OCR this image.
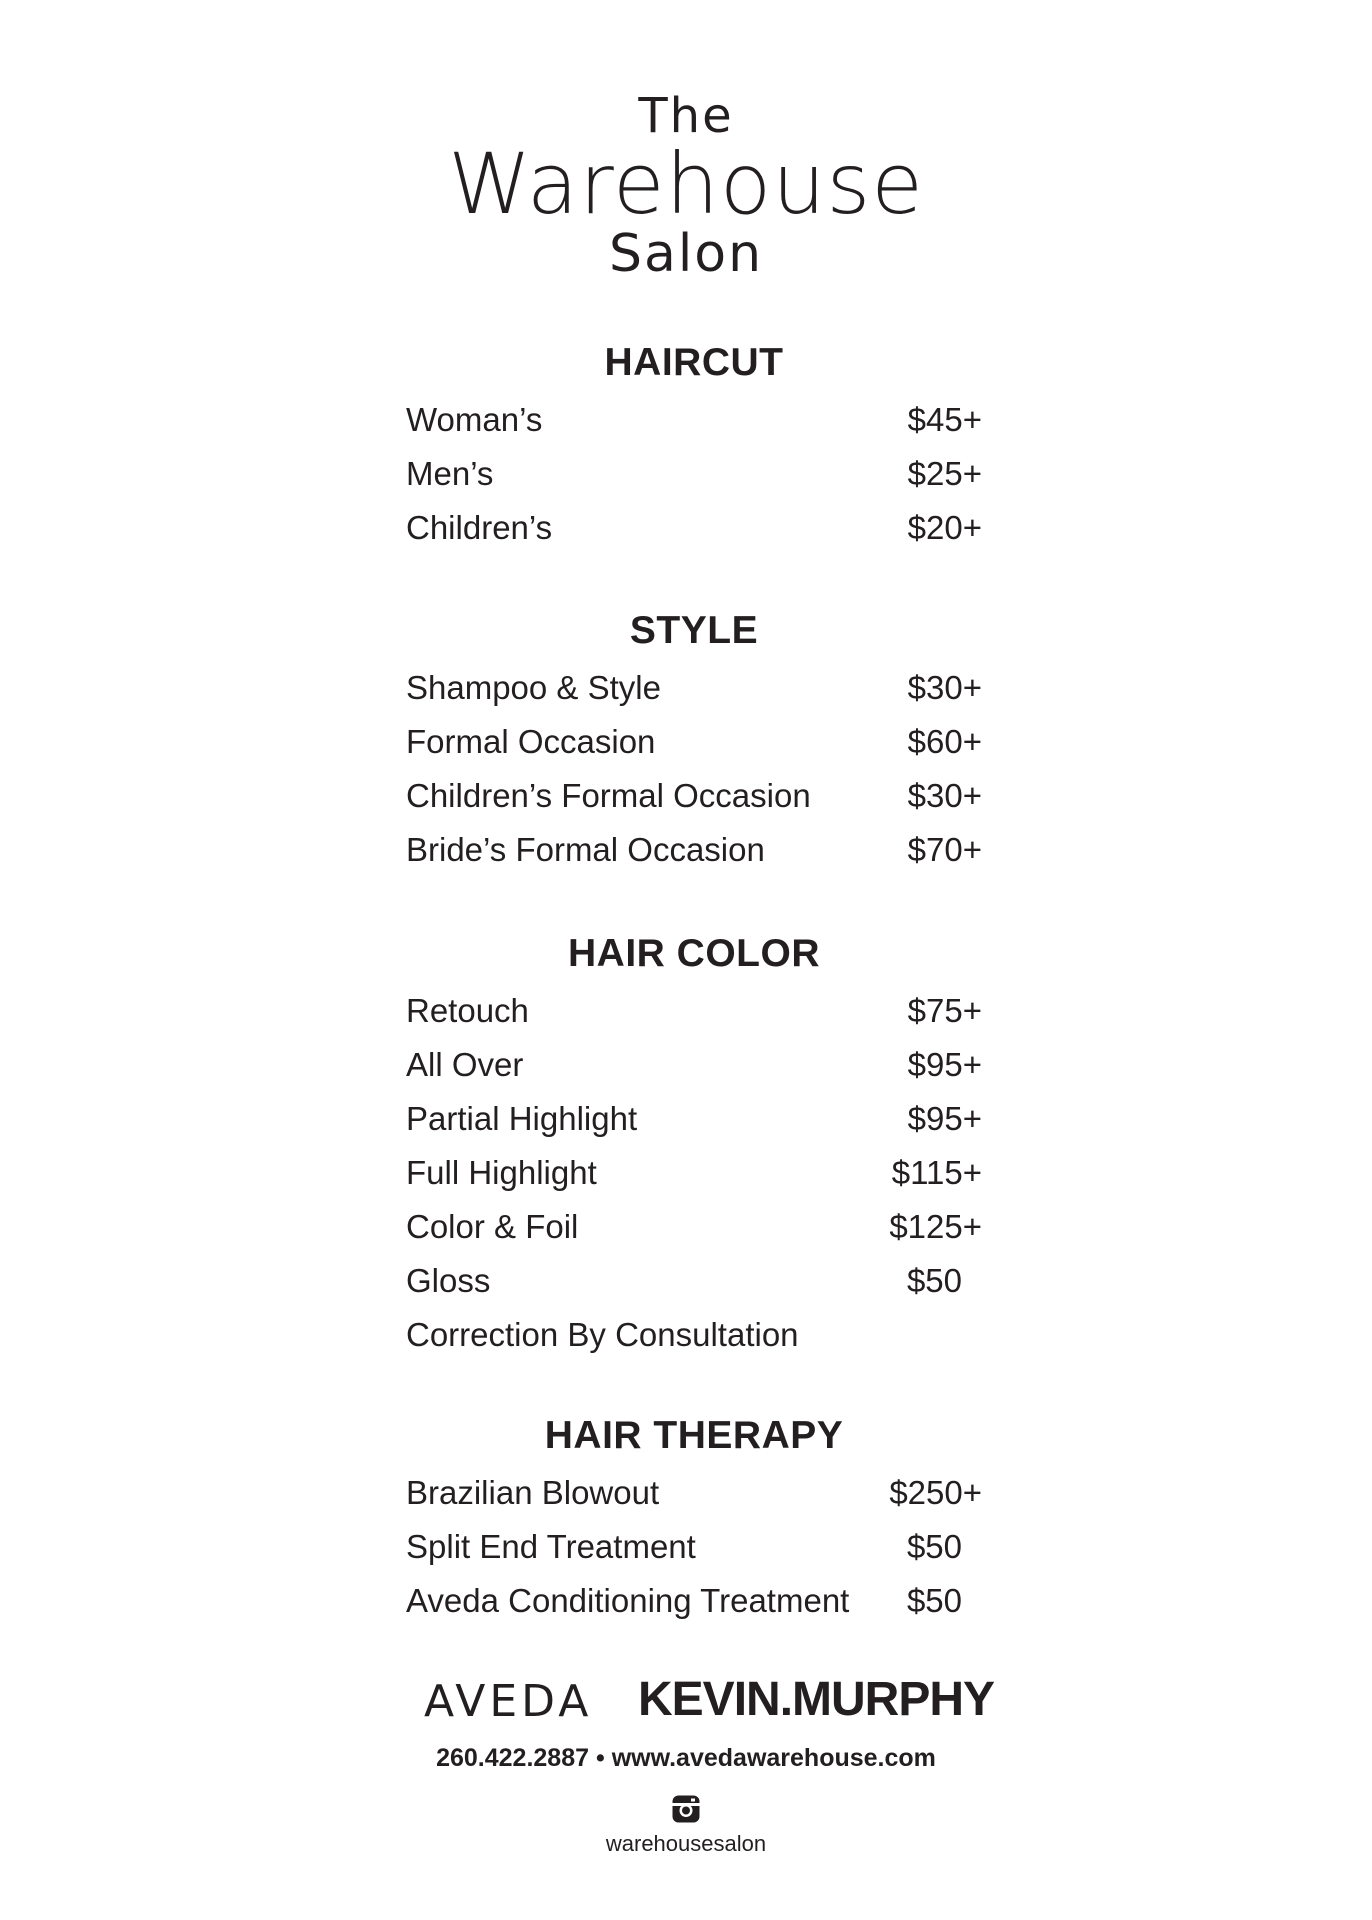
The
Warehouse
Salon
HAIRCUT
Woman’s	$45+
Men’s	$25+
Children’s	$20+
STYLE
Shampoo & Style	$30+
Formal Occasion	$60+
Children’s Formal Occasion	$30+
Bride’s Formal Occasion	$70+
HAIR COLOR
Retouch	$75+
All Over	$95+
Partial Highlight	$95+
Full Highlight	$115+
Color & Foil	$125+
Gloss	$50
Correction By Consultation
HAIR THERAPY
Brazilian Blowout	$250+
Split End Treatment	$50
Aveda Conditioning Treatment $50
AVEDA KEVIN.MURPHY
260.422.2887 • www.avedawarehouse.com
warehousesalon
